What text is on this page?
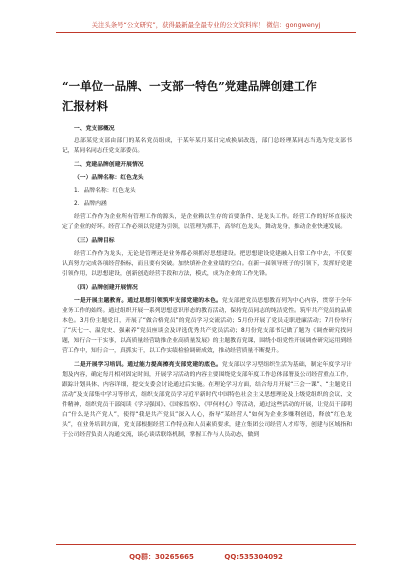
关注头条号“公文研究”，获得最新最全最专业的公文资料库！ 微信：gongwenyj
“一单位一品牌、一支部一特色”党建品牌创建工作
汇报材料
一、党支部概况

总部某党支部由部门的某名党员组成，于某年某月某日完成换届改选，部门总经理某同志当选为党支部书记，某同名同志任党支部委员。

二、党建品牌创建开展情况
（一）品牌名称：红色龙头
1．品牌名称：红色龙头
2．品牌内涵

经营工作作为企业所有管理工作的源头，是企业赖以生存的首要条件、是龙头工作。经营工作的好坏直接决定了企业的好坏。经营工作必须以党建为引领，以管理为抓手，高举红色龙头，舞动龙身，推动企业快速发展。

（三）品牌目标

经营工作作为龙头，无论是管理还是业务都必须抓好思想建设。把思想建设党建融入日常工作中去，不仅要认真努力完成各项经营指标，而且要有突破。加快填补企业业绩的空白。在新一届领导班子的引领下，发挥好党建引领作用，以思想建设，创新创造经营手段和方法，模式，成为企业的工作先锋。

（四）品牌创建开展情况

一是开展主题教育。通过思想引领筑牢支部党建的本色。党支部把党员思想教育列为中心内容，贯穿于全年业务工作的始终。通过组织开展一系列思想意识形态的教育活动，保持党员同志的纯洁党性。筑牢共产党员的品质本色。3月份主题党日，开展了“做合格党员”的党员学习交流活动；5月份开展了党员走职进廉活动；7月份举行了“庆七一、温党史、强素养”党员座谈会及评选优秀共产党员活动；8月份党支部书记做了题为《调查研究找问题，知行合一干实事，以高质量经营助推企业高质量发展》的主题教育党课，围绕小组党性开展调查研究运用到经营工作中，知行合一，真抓实干，以工作实绩检验调研成效，推动经营质量不断提升。

二是开展学习培训。通过能力提高擦亮支部党建的底色。党支部以学习型组织生活为基础，制定年度学习计划及内容，确定每月相对固定时间，开展学习活动的内容主要围绕党支部年度工作总体部署及公司经营重点工作，跟踪计划具体、内容详细，提交支委会讨论通过后实施。在理论学习方面，结合每月开展“三会一课”、“主题党日活动”及支部集中学习等形式，组织支部党员学习近平新时代中国特色社会主义思想理论及上级党组织的会议、文件精神，组织党员干部阅读《学习强国》、《国家监察》、《甲何村心》等活动，通过这些活动的开展，让党员干部明白“什么是共产党人”，使得“我是共产党员”深入人心，指导“某经营人”如何为企业多赚利创造，释放“红色龙头”，在业务培训方面，党支部根据经营工作特点和人员素质要求，建立集团公司经营人才库等，创建与区域指和于公司经营负责人沟通交流，谈心谈话联络机制，掌握工作与人员动态，做到

QQ群：30265665	QQ:535304092
